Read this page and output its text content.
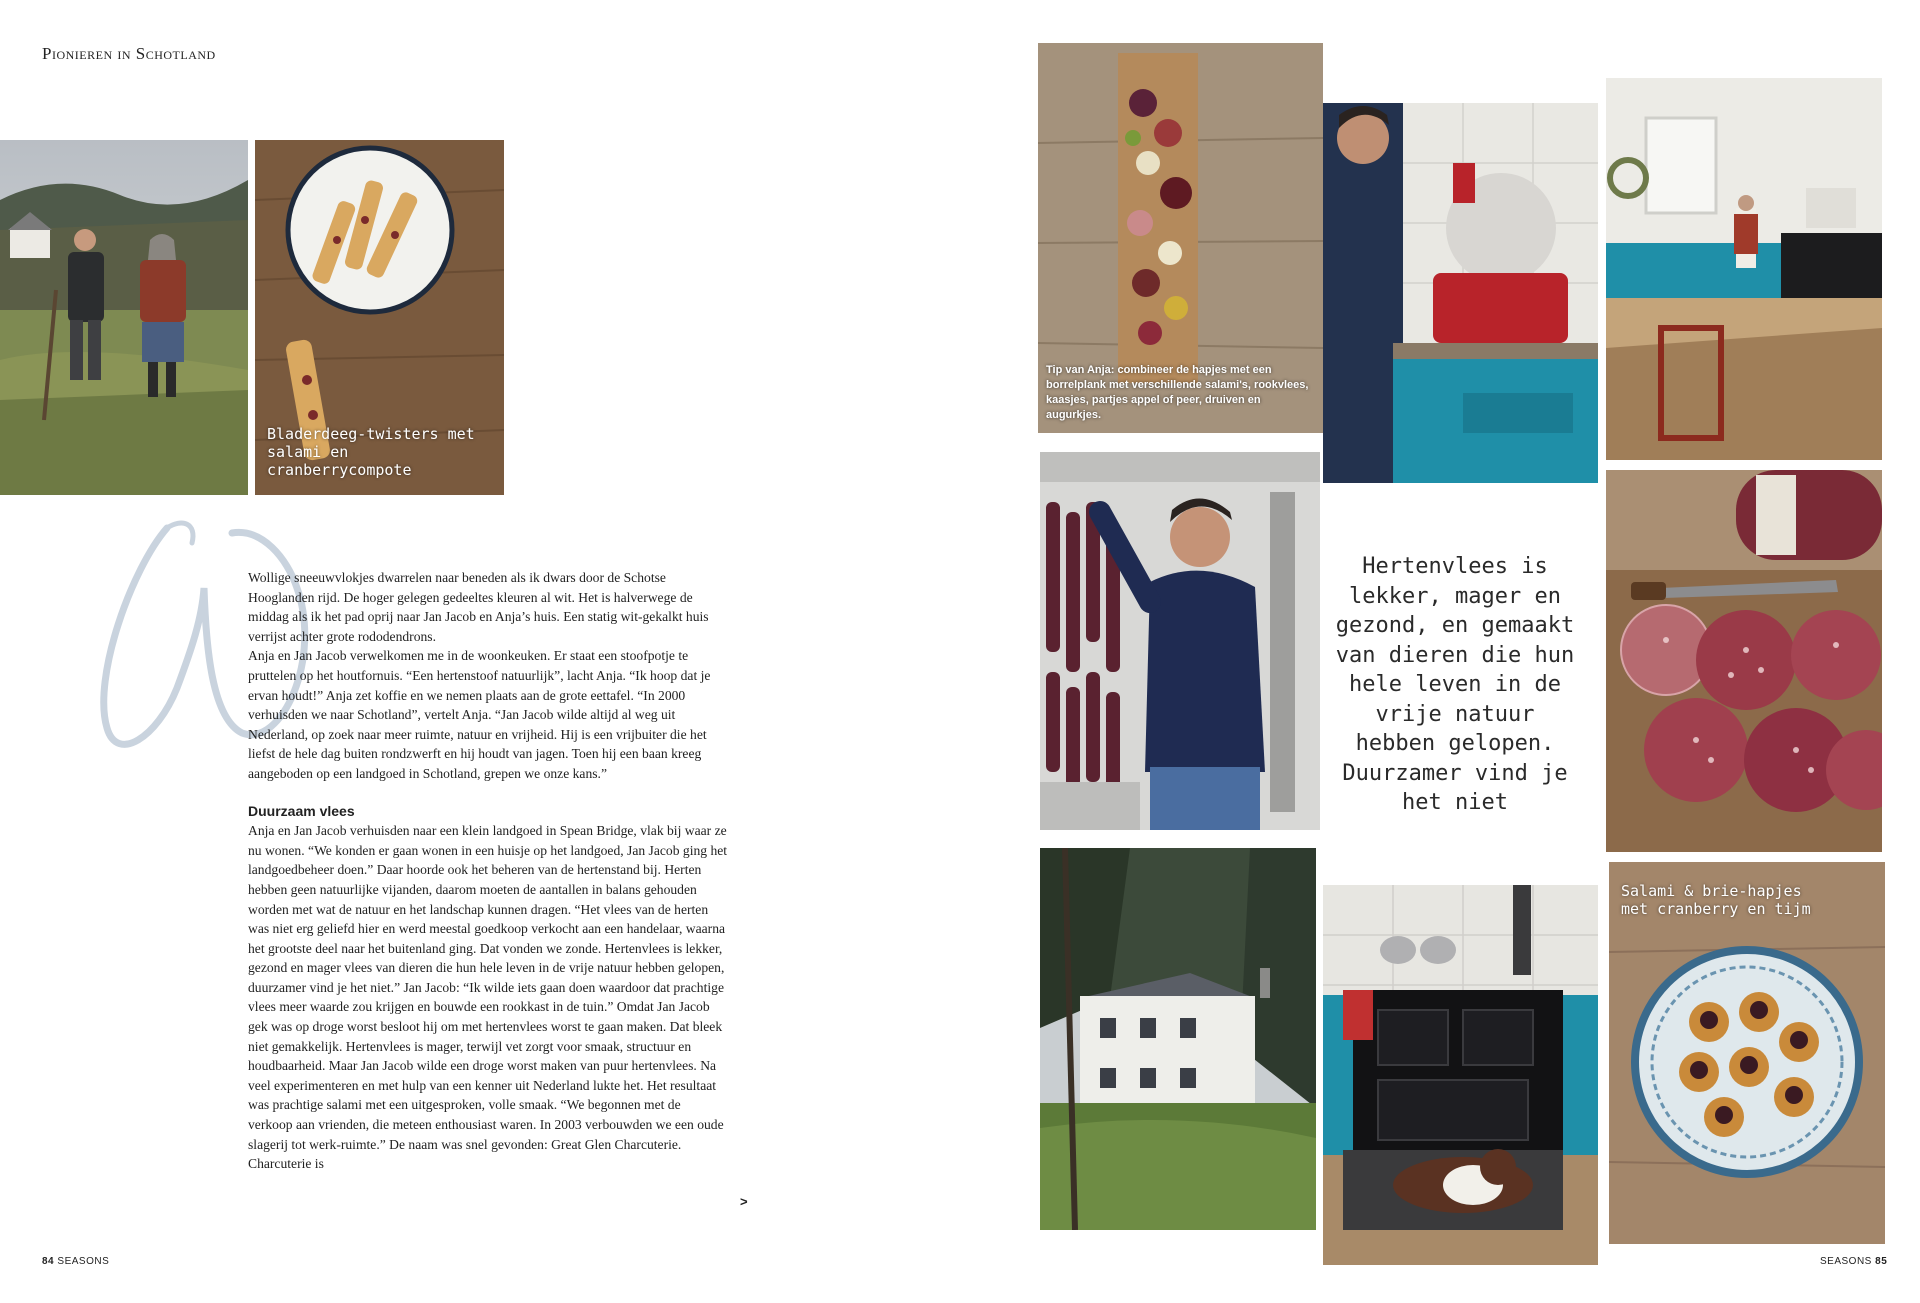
Pionieren in Schotland
Bladerdeeg-twisters met salami en cranberrycompote

Wollige sneeuwvlokjes dwarrelen naar beneden als ik dwars door de Schotse Hooglanden rijd. De hoger gelegen gedeeltes kleuren al wit. Het is halverwege de middag als ik het pad oprij naar Jan Jacob en Anja’s huis. Een statig wit-gekalkt huis verrijst achter grote rododendrons.

Anja en Jan Jacob verwelkomen me in de woonkeuken. Er staat een stoofpotje te pruttelen op het houtfornuis. “Een hertenstoof natuurlijk”, lacht Anja. “Ik hoop dat je ervan houdt!” Anja zet koffie en we nemen plaats aan de grote eettafel. “In 2000 verhuisden we naar Schotland”, vertelt Anja. “Jan Jacob wilde altijd al weg uit Nederland, op zoek naar meer ruimte, natuur en vrijheid. Hij is een vrijbuiter die het liefst de hele dag buiten rondzwerft en hij houdt van jagen. Toen hij een baan kreeg aangeboden op een landgoed in Schotland, grepen we onze kans.”

Duurzaam vlees

Anja en Jan Jacob verhuisden naar een klein landgoed in Spean Bridge, vlak bij waar ze nu wonen. “We konden er gaan wonen in een huisje op het landgoed, Jan Jacob ging het landgoedbeheer doen.” Daar hoorde ook het beheren van de hertenstand bij. Herten hebben geen natuurlijke vijanden, daarom moeten de aantallen in balans gehouden worden met wat de natuur en het landschap kunnen dragen. “Het vlees van de herten was niet erg geliefd hier en werd meestal goedkoop verkocht aan een handelaar, waarna het grootste deel naar het buitenland ging. Dat vonden we zonde. Hertenvlees is lekker, gezond en mager vlees van dieren die hun hele leven in de vrije natuur hebben gelopen, duurzamer vind je het niet.” Jan Jacob: “Ik wilde iets gaan doen waardoor dat prachtige vlees meer waarde zou krijgen en bouwde een rookkast in de tuin.” Omdat Jan Jacob gek was op droge worst besloot hij om met hertenvlees worst te gaan maken. Dat bleek niet gemakkelijk. Hertenvlees is mager, terwijl vet zorgt voor smaak, structuur en houdbaarheid. Maar Jan Jacob wilde een droge worst maken van puur hertenvlees. Na veel experimenteren en met hulp van een kenner uit Nederland lukte het. Het resultaat was prachtige salami met een uitgesproken, volle smaak. “We begonnen met de verkoop aan vrienden, die meteen enthousiast waren. In 2003 verbouwden we een oude slagerij tot werk-ruimte.” De naam was snel gevonden: Great Glen Charcuterie. Charcuterie is

>
Tip van Anja: combineer de hapjes met een borrelplank met verschillende salami's, rookvlees, kaasjes, partjes appel of peer, druiven en augurkjes.
Hertenvlees is lekker, mager en gezond, en gemaakt van dieren die hun hele leven in de vrije natuur hebben gelopen. Duurzamer vind je het niet
Salami & brie-hapjes met cranberry en tijm
84 SEASONS	SEASONS 85
